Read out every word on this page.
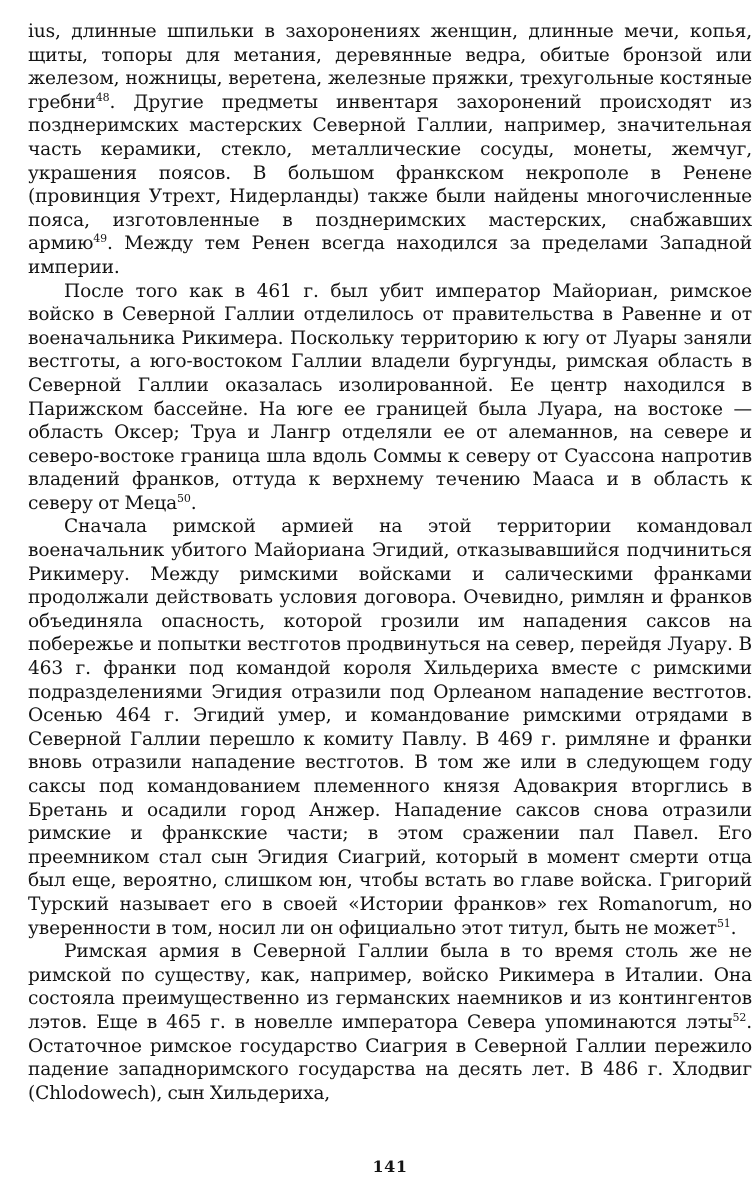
ius, длинные шпильки в захоронениях женщин, длинные мечи, копья, щиты, топоры для метания, деревянные ведра, обитые бронзой или железом, ножницы, веретена, железные пряжки, трехугольные костяные гребни$^{48}$. Другие предметы инвентаря захоронений происходят из позднеримских мастерских Северной Галлии, например, значительная часть керамики, стекло, металлические сосуды, монеты, жемчуг, украшения поясов. В большом франкском некрополе в Ренене (провинция Утрехт, Нидерланды) также были найдены многочисленные пояса, изготовленные в позднеримских мастерских, снабжавших армию$^{49}$. Между тем Ренен всегда находился за пределами Западной империи.

После того как в 461 г. был убит император Майориан, римское войско в Северной Галлии отделилось от правительства в Равенне и от военачальника Рикимера. Поскольку территорию к югу от Луары заняли вестготы, а юго-востоком Галлии владели бургунды, римская область в Северной Галлии оказалась изолированной. Ее центр находился в Парижском бассейне. На юге ее границей была Луара, на востоке — область Оксер; Труа и Лангр отделяли ее от алеманнов, на севере и северо-востоке граница шла вдоль Соммы к северу от Суассона напротив владений франков, оттуда к верхнему течению Мааса и в область к северу от Меца$^{50}$.

Сначала римской армией на этой территории командовал военачальник убитого Майориана Эгидий, отказывавшийся подчиниться Рикимеру. Между римскими войсками и салическими франками продолжали действовать условия договора. Очевидно, римлян и франков объединяла опасность, которой грозили им нападения саксов на побережье и попытки вестготов продвинуться на север, перейдя Луару. В 463 г. франки под командой короля Хильдериха вместе с римскими подразделениями Эгидия отразили под Орлеаном нападение вестготов. Осенью 464 г. Эгидий умер, и командование римскими отрядами в Северной Галлии перешло к комиту Павлу. В 469 г. римляне и франки вновь отразили нападение вестготов. В том же или в следующем году саксы под командованием племенного князя Адовакрия вторглись в Бретань и осадили город Анжер. Нападение саксов снова отразили римские и франкские части; в этом сражении пал Павел. Его преемником стал сын Эгидия Сиагрий, который в момент смерти отца был еще, вероятно, слишком юн, чтобы встать во главе войска. Григорий Турский называет его в своей «Истории франков» rex Romanorum, но уверенности в том, носил ли он официально этот титул, быть не может$^{51}$.

Римская армия в Северной Галлии была в то время столь же не римской по существу, как, например, войско Рикимера в Италии. Она состояла преимущественно из германских наемников и из контингентов лэтов. Еще в 465 г. в новелле императора Севера упоминаются лэты$^{52}$. Остаточное римское государство Сиагрия в Северной Галлии пережило падение западноримского государства на десять лет. В 486 г. Хлодвиг (Chlodowech), сын Хильдериха,

141
